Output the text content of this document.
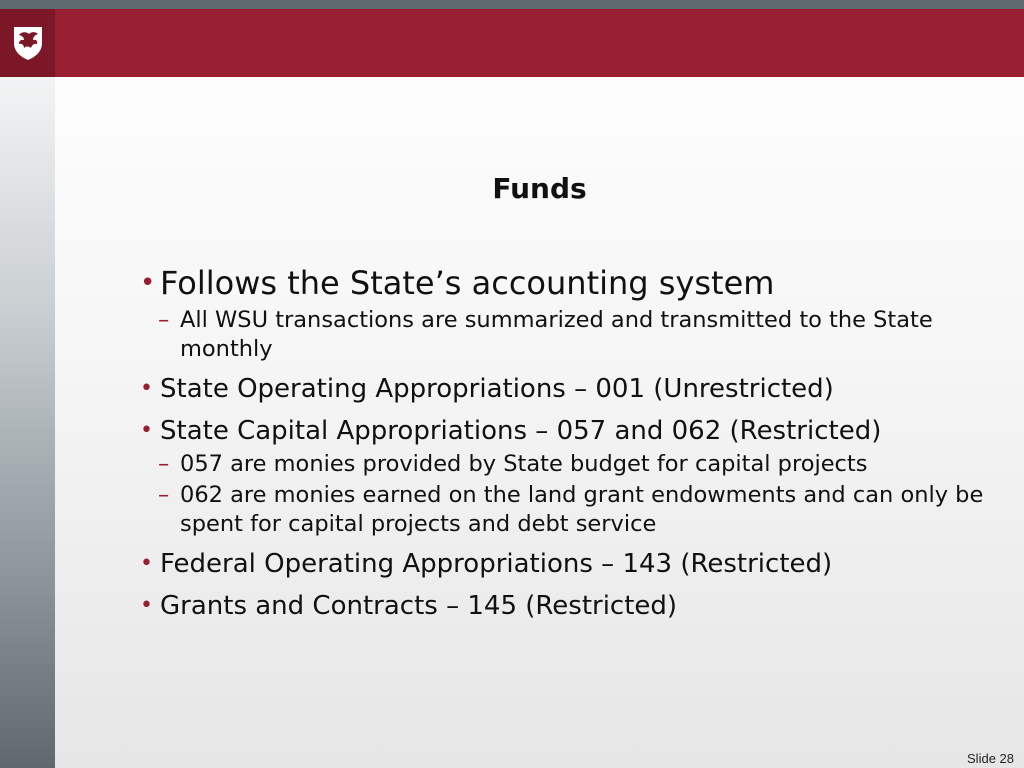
Funds
• Follows the State’s accounting system
– All WSU transactions are summarized and transmitted to the State monthly
• State Operating Appropriations – 001 (Unrestricted)
• State Capital Appropriations – 057 and 062 (Restricted)
– 057 are monies provided by State budget for capital projects
– 062 are monies earned on the land grant endowments and can only be spent for capital projects and debt service
• Federal Operating Appropriations – 143 (Restricted)
• Grants and Contracts – 145 (Restricted)
Slide 28
